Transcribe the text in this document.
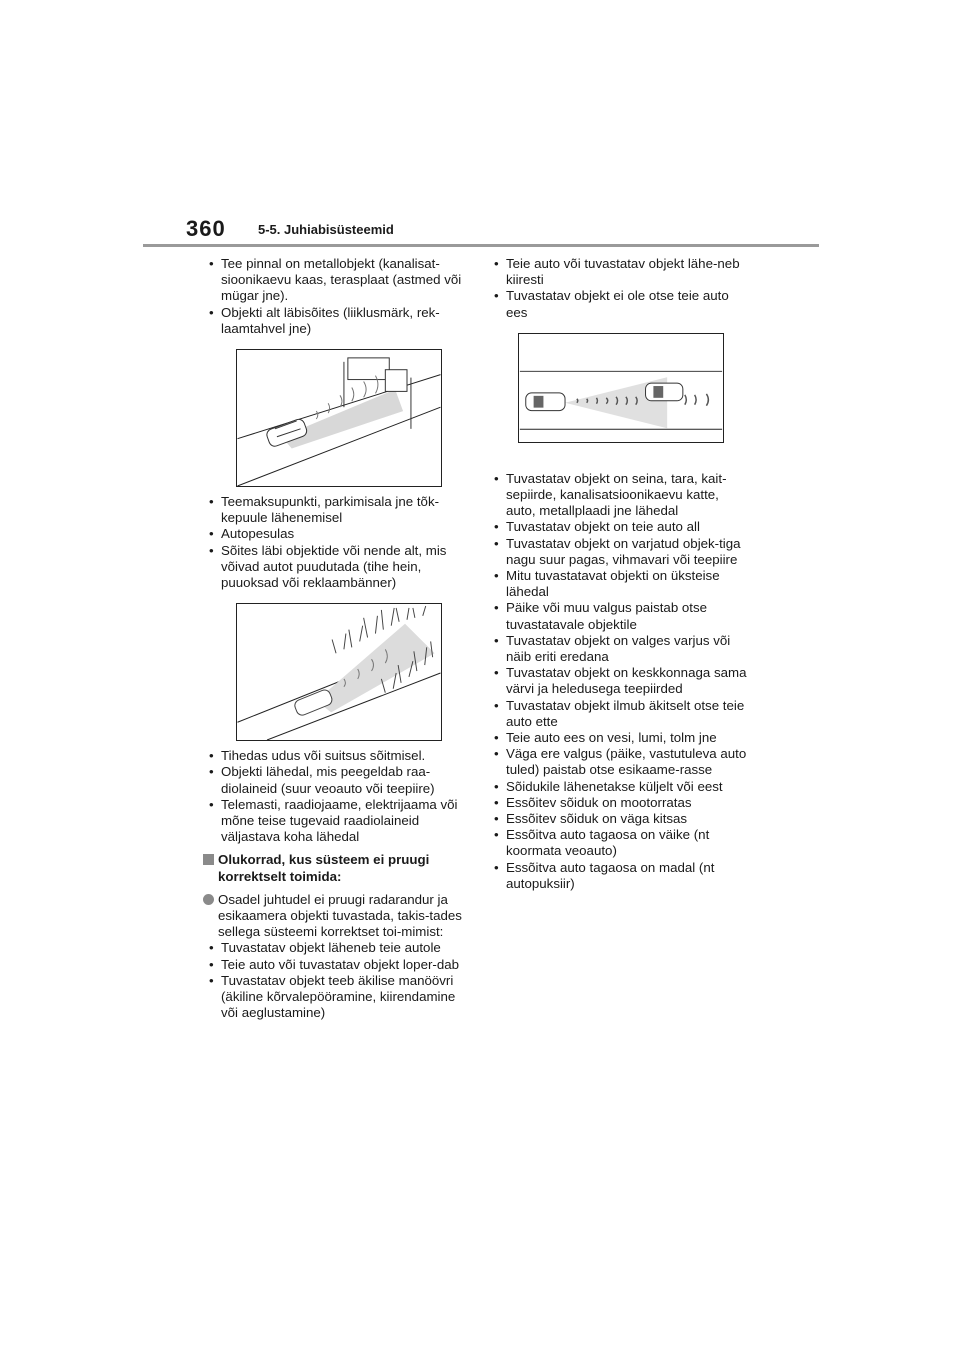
360 5-5. Juhiabisüsteemid
• Tee pinnal on metallobjekt (kanalisat-sioonikaevu kaas, terasplaat (astmed või mügar jne).
• Objekti alt läbisõites (liiklusmärk, rek-laamtahvel jne)
• Teemaksupunkti, parkimisala jne tõk-kepuule lähenemisel
• Autopesulas
• Sõites läbi objektide või nende alt, mis võivad autot puudutada (tihe hein, puuoksad või reklaambänner)
• Tihedas udus või suitsus sõitmisel.
• Objekti lähedal, mis peegeldab raa-diolaineid (suur veoauto või teepiire)
• Telemasti, raadiojaame, elektrijaama või mõne teise tugevaid raadiolaineid väljastava koha lähedal
Olukorrad, kus süsteem ei pruugi korrektselt toimida:
Osadel juhtudel ei pruugi radarandur ja esikaamera objekti tuvastada, takis-tades sellega süsteemi korrektset toi-mimist:
• Tuvastatav objekt läheneb teie autole
• Teie auto või tuvastatav objekt loper-dab
• Tuvastatav objekt teeb äkilise manöövri (äkiline kõrvalepööramine, kiirendamine või aeglustamine)
• Teie auto või tuvastatav objekt lähe-neb kiiresti
• Tuvastatav objekt ei ole otse teie auto ees
• Tuvastatav objekt on seina, tara, kait-sepiirde, kanalisatsioonikaevu katte, auto, metallplaadi jne lähedal
• Tuvastatav objekt on teie auto all
• Tuvastatav objekt on varjatud objek-tiga nagu suur pagas, vihmavari või teepiire
• Mitu tuvastatavat objekti on üksteise lähedal
• Päike või muu valgus paistab otse tuvastatavale objektile
• Tuvastatav objekt on valges varjus või näib eriti eredana
• Tuvastatav objekt on keskkonnaga sama värvi ja heledusega teepiirded
• Tuvastatav objekt ilmub äkitselt otse teie auto ette
• Teie auto ees on vesi, lumi, tolm jne
• Väga ere valgus (päike, vastutuleva auto tuled) paistab otse esikaame-rasse
• Sõidukile lähenetakse küljelt või eest
• Essõitev sõiduk on mootorratas
• Essõitev sõiduk on väga kitsas
• Essõitva auto tagaosa on väike (nt koormata veoauto)
• Essõitva auto tagaosa on madal (nt autopuksiir)
